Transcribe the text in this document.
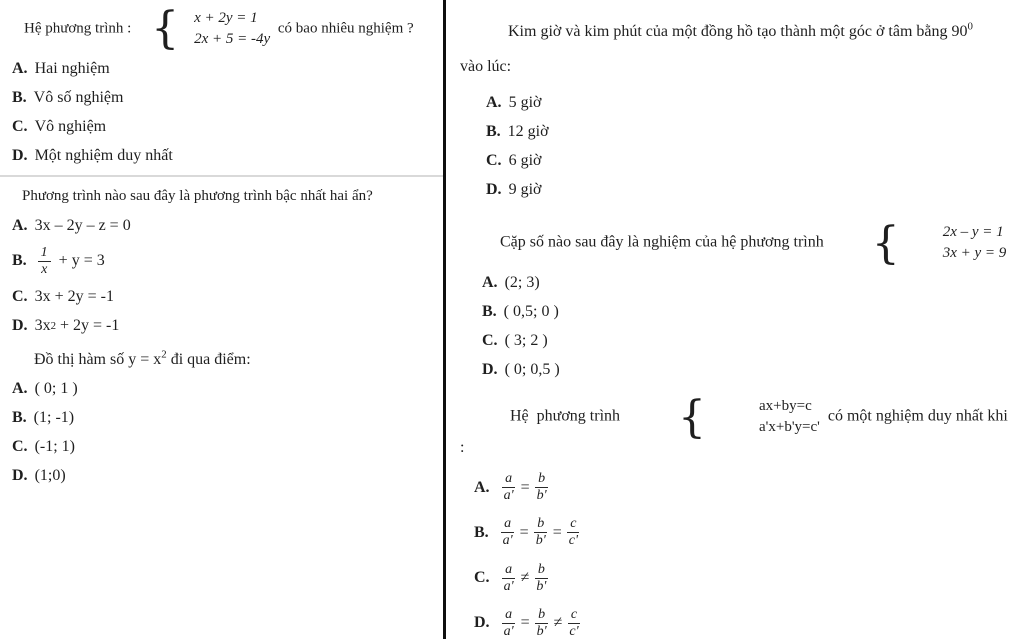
Hệ phương trình : {	x + 2y = 1
2x + 5 = -4y
có bao nhiêu nghiệm ?

A. Hai nghiệm
B. Vô số nghiệm
C. Vô nghiệm
D. Một nghiệm duy nhất

Phương trình nào sau đây là phương trình bậc nhất hai ẩn?

A. 3x – 2y – z = 0
B. $\frac{1}{x} + y = 3$
C. 3x + 2y = -1
D. 3x 2 + 2y = -1

Đồ thị hàm số $y = x^2$ đi qua điểm:

A. ( 0; 1 )
B. (1; -1)
C. (-1; 1)
D. (1;0)

Kim giờ và kim phút của một đồng hồ tạo thành một góc ở tâm bằng $90^0$
vào lúc:

A. 5 giờ
B. 12 giờ
C. 6 giờ
D. 9 giờ

Cặp số nào sau đây là nghiệm của hệ phương trình	{	2x – y = 1
3x + y = 9

A. (2; 3)
B. ( 0,5; 0 )
C. ( 3; 2 )
D. ( 0; 0,5 )

Hệ  phương trình	{	ax+by=c
a'x+b'y=c'
có một nghiệm duy nhất khi :

A. $\frac{a}{a'} = \frac{b}{b'}$
B. $\frac{a}{a'} = \frac{b}{b'} = \frac{c}{c'}$
C. $\frac{a}{a'} \ne \frac{b}{b'}$
D. $\frac{a}{a'} = \frac{b}{b'} \ne \frac{c}{c'}$
